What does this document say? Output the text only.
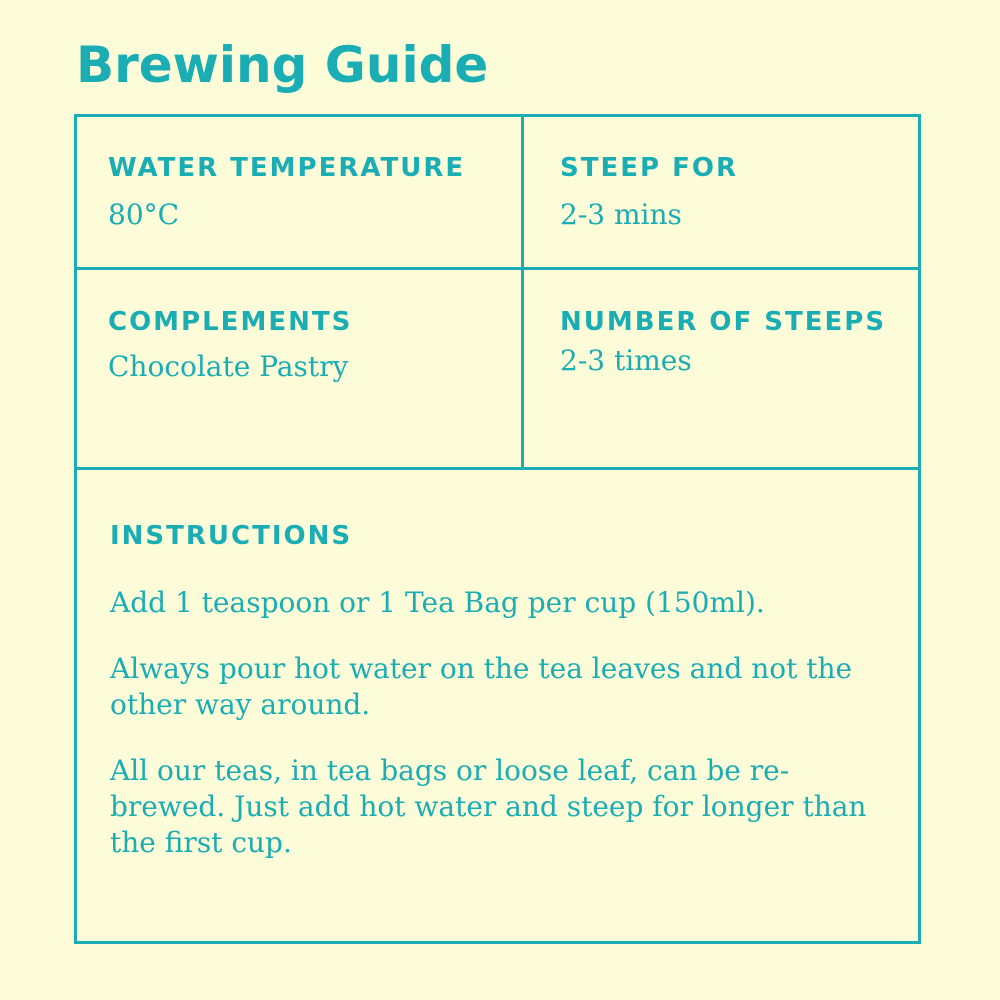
Brewing Guide
WATER TEMPERATURE
80°C
STEEP FOR
2-3 mins
COMPLEMENTS
Chocolate Pastry
NUMBER OF STEEPS
2-3 times
INSTRUCTIONS

Add 1 teaspoon or 1 Tea Bag per cup (150ml).

Always pour hot water on the tea leaves and not the other way around.

All our teas, in tea bags or loose leaf, can be re-brewed. Just add hot water and steep for longer than the first cup.
